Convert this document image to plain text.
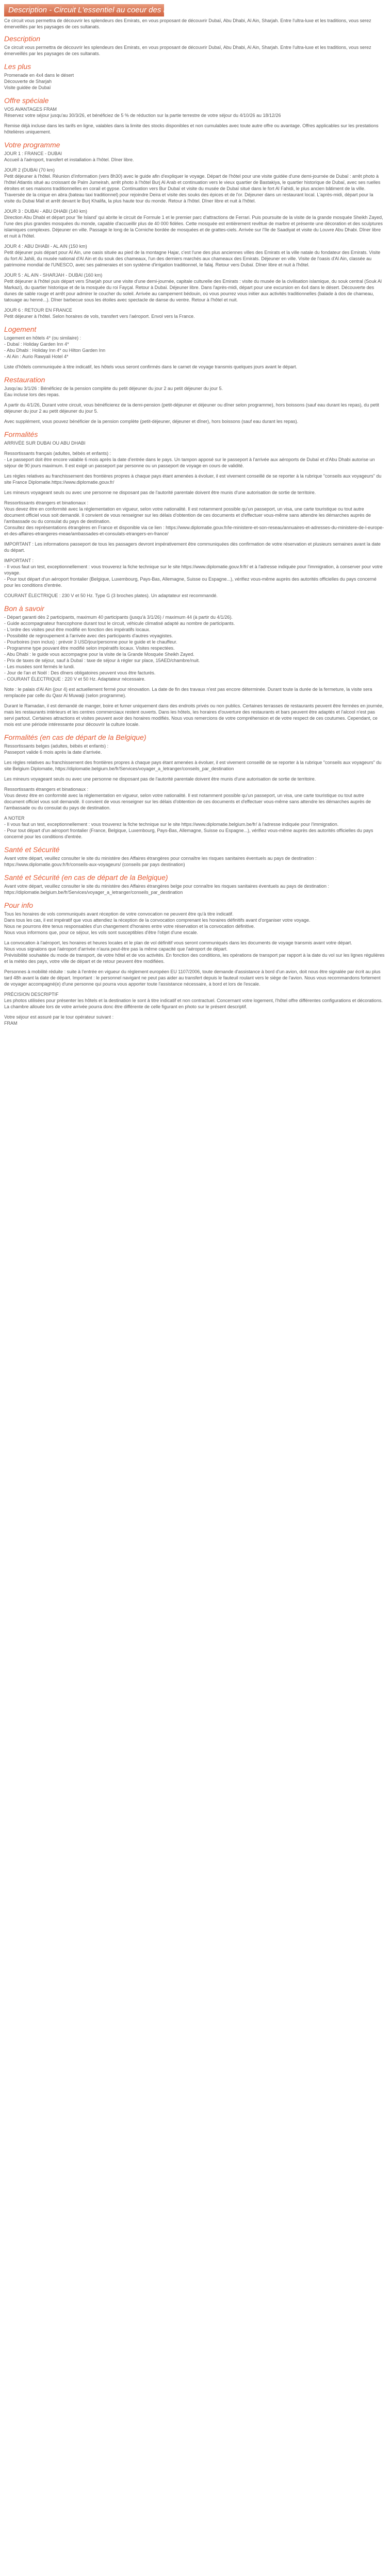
Description - Circuit L'essentiel au coeur des Emirats ****

Ce circuit vous permettra de découvrir les splendeurs des Emirats, en vous proposant de découvrir Dubaï, Abu Dhabi, Al Ain, Sharjah. Entre l'ultra-luxe et les traditions, vous serez émerveillés par les paysages de ces sultanats.

Description

Ce circuit vous permettra de découvrir les splendeurs des Emirats, en vous proposant de découvrir Dubaï, Abu Dhabi, Al Ain, Sharjah. Entre l'ultra-luxe et les traditions, vous serez émerveillés par les paysages de ces sultanats.

Les plus

Promenade en 4x4 dans le désert
Découverte de Sharjah
Visite guidée de Dubaï

Offre spéciale

VOS AVANTAGES FRAM
Réservez votre séjour jusqu'au 30/3/26, et bénéficiez de 5 % de réduction sur la partie terrestre de votre séjour du 4/10/26 au 18/12/26

Remise déjà incluse dans les tarifs en ligne, valables dans la limite des stocks disponibles et non cumulables avec toute autre offre ou avantage. Offres applicables sur les prestations hôtelières uniquement.

Votre programme

JOUR 1 : FRANCE - DUBAI
Accueil à l'aéroport, transfert et installation à l'hôtel. Dîner libre.

JOUR 2 (DUBAI (70 km)
Petit déjeuner à l'hôtel. Réunion d'information (vers 8h30) avec le guide afin d'expliquer le voyage. Départ de l'hôtel pour une visite guidée d'une demi-journée de Dubaï : arrêt photo à l'hôtel Atlantis situé au croissant de Palm Jumeirah, arrêt photo à l'hôtel Burj Al Arab et continuation vers le vieux quartier de Bastakiya, le quartier historique de Dubaï, avec ses ruelles étroites et ses maisons traditionnelles en corail et gypse. Continuation vers Bur Dubaï et visite du musée de Dubaï situé dans le fort Al Fahidi, le plus ancien bâtiment de la ville. Traversée de la crique en abra (bateau taxi traditionnel) pour rejoindre Deira et visite des souks des épices et de l'or. Déjeuner dans un restaurant local. L'après-midi, départ pour la visite du Dubai Mall et arrêt devant le Burj Khalifa, la plus haute tour du monde. Retour à l'hôtel. Dîner libre et nuit à l'hôtel.

JOUR 3 : DUBAI - ABU DHABI (140 km)
Direction Abu Dhabi et départ pour 'Ile Island' qui abrite le circuit de Formule 1 et le premier parc d'attractions de Ferrari. Puis poursuite de la visite de la grande mosquée Sheikh Zayed, l'une des plus grandes mosquées du monde, capable d'accueillir plus de 40 000 fidèles. Cette mosquée est entièrement revêtue de marbre et présente une décoration et des sculptures islamiques complexes. Déjeuner en ville. Passage le long de la Corniche bordée de mosquées et de grattes-ciels. Arrivée sur l'île de Saadiyat et visite du Louvre Abu Dhabi. Dîner libre et nuit à l'hôtel.

JOUR 4 : ABU DHABI - AL AIN (150 km)
Petit déjeuner puis départ pour Al Ain, une oasis située au pied de la montagne Hajar, c'est l'une des plus anciennes villes des Emirats et la ville natale du fondateur des Emirats. Visite du fort Al Jahili, du musée national d'Al Ain et du souk des chameaux, l'un des derniers marchés aux chameaux des Emirats. Déjeuner en ville. Visite de l'oasis d'Al Ain, classée au patrimoine mondial de l'UNESCO, avec ses palmeraies et son système d'irrigation traditionnel, le falaj. Retour vers Dubaï. Dîner libre et nuit à l'hôtel.

JOUR 5 : AL AIN - SHARJAH - DUBAI (160 km)
Petit déjeuner à l'hôtel puis départ vers Sharjah pour une visite d'une demi-journée, capitale culturelle des Emirats : visite du musée de la civilisation islamique, du souk central (Souk Al Markazi), du quartier historique et de la mosquée du roi Fayçal. Retour à Dubaï. Déjeuner libre. Dans l'après-midi, départ pour une excursion en 4x4 dans le désert. Découverte des dunes de sable rouge et arrêt pour admirer le coucher du soleil. Arrivée au campement bédouin, où vous pourrez vous initier aux activités traditionnelles (balade à dos de chameau, tatouage au henné...). Dîner barbecue sous les étoiles avec spectacle de danse du ventre. Retour à l'hôtel et nuit.

JOUR 6 : RETOUR EN FRANCE
Petit déjeuner à l'hôtel. Selon horaires de vols, transfert vers l'aéroport. Envol vers la France.

Logement

Logement en hôtels 4* (ou similaire) :
- Dubaï : Holiday Garden Inn 4*
- Abu Dhabi : Holiday Inn 4* ou Hilton Garden Inn
- Al Ain : Aurio Rawyali Hotel 4*

Liste d'hôtels communiquée à titre indicatif, les hôtels vous seront confirmés dans le carnet de voyage transmis quelques jours avant le départ.

Restauration

Jusqu'au 3/1/26 : Bénéficiez de la pension complète du petit déjeuner du jour 2 au petit déjeuner du jour 5.
Eau incluse lors des repas.

A partir du 4/1/26, Durant votre circuit, vous bénéficierez de la demi-pension (petit-déjeuner et déjeuner ou dîner selon programme), hors boissons (sauf eau durant les repas), du petit déjeuner du jour 2 au petit déjeuner du jour 5.

Avec supplément, vous pouvez bénéficier de la pension complète (petit-déjeuner, déjeuner et dîner), hors boissons (sauf eau durant les repas).

Formalités

ARRIVÉE SUR DUBAI OU ABU DHABI

Ressortissants français (adultes, bébés et enfants) :
- Le passeport doit être encore valable 6 mois après la date d'entrée dans le pays. Un tampon apposé sur le passeport à l'arrivée aux aéroports de Dubaï et d'Abu Dhabi autorise un séjour de 90 jours maximum. Il est exigé un passeport par personne ou un passeport de voyage en cours de validité.

Les règles relatives au franchissement des frontières propres à chaque pays étant amenées à évoluer, il est vivement conseillé de se reporter à la rubrique "conseils aux voyageurs" du site France Diplomatie.https://www.diplomatie.gouv.fr/

Les mineurs voyageant seuls ou avec une personne ne disposant pas de l'autorité parentale doivent être munis d'une autorisation de sortie de territoire.

Ressortissants étrangers et binationaux :
Vous devez être en conformité avec la réglementation en vigueur, selon votre nationalité. Il est notamment possible qu'un passeport, un visa, une carte touristique ou tout autre document officiel vous soit demandé. Il convient de vous renseigner sur les délais d'obtention de ces documents et d'effectuer vous-même sans attendre les démarches auprès de l'ambassade ou du consulat du pays de destination.
Consultez des représentations étrangères en France et disponible via ce lien : https://www.diplomatie.gouv.fr/le-ministere-et-son-reseau/annuaires-et-adresses-du-ministere-de-l-europe-et-des-affaires-etrangeres-meae/ambassades-et-consulats-etrangers-en-france/

IMPORTANT : Les informations passeport de tous les passagers devront impérativement être communiquées dès confirmation de votre réservation et plusieurs semaines avant la date du départ.

IMPORTANT :
- Il vous faut un test, exceptionnellement : vous trouverez la fiche technique sur le site https://www.diplomatie.gouv.fr/fr/ et à l'adresse indiquée pour l'immigration, à conserver pour votre voyage.
- Pour tout départ d'un aéroport frontalier (Belgique, Luxembourg, Pays-Bas, Allemagne, Suisse ou Espagne...), vérifiez vous-même auprès des autorités officielles du pays concerné pour les conditions d'entrée.

COURANT ÉLECTRIQUE : 230 V et 50 Hz. Type G (3 broches plates). Un adaptateur est recommandé.

Bon à savoir

- Départ garanti dès 2 participants, maximum 40 participants (jusqu'à 3/1/26) / maximum 44 (à partir du 4/1/26).
- Guide accompagnateur francophone durant tout le circuit, véhicule climatisé adapté au nombre de participants.
- L'ordre des visites peut être modifié en fonction des impératifs locaux.
- Possibilité de regroupement à l'arrivée avec des participants d'autres voyagistes.
- Pourboires (non inclus) : prévoir 3 USD/jour/personne pour le guide et le chauffeur.
- Programme type pouvant être modifié selon impératifs locaux. Visites respectées.
- Abu Dhabi : le guide vous accompagne pour la visite de la Grande Mosquée Sheikh Zayed.
- Prix de taxes de séjour, sauf à Dubaï : taxe de séjour à régler sur place, 15AED/chambre/nuit.
- Les musées sont fermés le lundi.
- Jour de l'an et Noël : Des dîners obligatoires peuvent vous être facturés.
- COURANT ÉLECTRIQUE : 220 V et 50 Hz. Adaptateur nécessaire.

Note : le palais d'Al Ain (jour 4) est actuellement fermé pour rénovation. La date de fin des travaux n'est pas encore déterminée. Durant toute la durée de la fermeture, la visite sera remplacée par celle du Qasr Al Muwaiji (selon programme).

Durant le Ramadan, il est demandé de manger, boire et fumer uniquement dans des endroits privés ou non publics. Certaines terrasses de restaurants peuvent être fermées en journée, mais les restaurants intérieurs et les centres commerciaux restent ouverts. Dans les hôtels, les horaires d'ouverture des restaurants et bars peuvent être adaptés et l'alcool n'est pas servi partout. Certaines attractions et visites peuvent avoir des horaires modifiés. Nous vous remercions de votre compréhension et de votre respect de ces coutumes. Cependant, ce mois est une période intéressante pour découvrir la culture locale.

Formalités (en cas de départ de la Belgique)

Ressortissants belges (adultes, bébés et enfants) :
Passeport valide 6 mois après la date d'arrivée.

Les règles relatives au franchissement des frontières propres à chaque pays étant amenées à évoluer, il est vivement conseillé de se reporter à la rubrique "conseils aux voyageurs" du site Belgium Diplomatie, https://diplomatie.belgium.be/fr/Services/voyager_a_letranger/conseils_par_destination

Les mineurs voyageant seuls ou avec une personne ne disposant pas de l'autorité parentale doivent être munis d'une autorisation de sortie de territoire.

Ressortissants étrangers et binationaux :
Vous devez être en conformité avec la réglementation en vigueur, selon votre nationalité. Il est notamment possible qu'un passeport, un visa, une carte touristique ou tout autre document officiel vous soit demandé. Il convient de vous renseigner sur les délais d'obtention de ces documents et d'effectuer vous-même sans attendre les démarches auprès de l'ambassade ou du consulat du pays de destination.

A NOTER
- Il vous faut un test, exceptionnellement : vous trouverez la fiche technique sur le site https://www.diplomatie.belgium.be/fr/ à l'adresse indiquée pour l'immigration.
- Pour tout départ d'un aéroport frontalier (France, Belgique, Luxembourg, Pays-Bas, Allemagne, Suisse ou Espagne...), vérifiez vous-même auprès des autorités officielles du pays concerné pour les conditions d'entrée.

Santé et Sécurité

Avant votre départ, veuillez consulter le site du ministère des Affaires étrangères pour connaître les risques sanitaires éventuels au pays de destination : https://www.diplomatie.gouv.fr/fr/conseils-aux-voyageurs/ (conseils par pays destination)

Santé et Sécurité (en cas de départ de la Belgique)

Avant votre départ, veuillez consulter le site du ministère des Affaires étrangères belge pour connaître les risques sanitaires éventuels au pays de destination : https://diplomatie.belgium.be/fr/Services/voyager_a_letranger/conseils_par_destination

Pour info

Tous les horaires de vols communiqués avant réception de votre convocation ne peuvent être qu'à titre indicatif.
Dans tous les cas, il est impératif que vous attendiez la réception de la convocation comprenant les horaires définitifs avant d'organiser votre voyage.
Nous ne pourrons être tenus responsables d'un changement d'horaires entre votre réservation et la convocation définitive.
Nous vous informons que, pour ce séjour, les vols sont susceptibles d'être l'objet d'une escale.

La convocation à l'aéroport, les horaires et heures locales et le plan de vol définitif vous seront communiqués dans les documents de voyage transmis avant votre départ.
Nous vous signalons que l'aéroport d'arrivée n'aura peut-être pas la même capacité que l'aéroport de départ.
Prévisibilité souhaitée du mode de transport, de votre hôtel et de vos activités. En fonction des conditions, les opérations de transport par rapport à la date du vol sur les lignes régulières et la météo des pays, votre ville de départ et de retour peuvent être modifiées.

Personnes à mobilité réduite : suite à l'entrée en vigueur du règlement européen EU 1107/2006, toute demande d'assistance à bord d'un avion, doit nous être signalée par écrit au plus tard 48h avant la date de départ. Important : le personnel navigant ne peut pas aider au transfert depuis le fauteuil roulant vers le siège de l'avion. Nous vous recommandons fortement de voyager accompagné(e) d'une personne qui pourra vous apporter toute l'assistance nécessaire, à bord et lors de l'escale.

PRÉCISION DESCRIPTIF
Les photos utilisées pour présenter les hôtels et la destination le sont à titre indicatif et non contractuel. Concernant votre logement, l'hôtel offre différentes configurations et décorations. La chambre allouée lors de votre arrivée pourra donc être différente de celle figurant en photo sur le présent descriptif.

Votre séjour est assuré par le tour opérateur suivant :
FRAM
